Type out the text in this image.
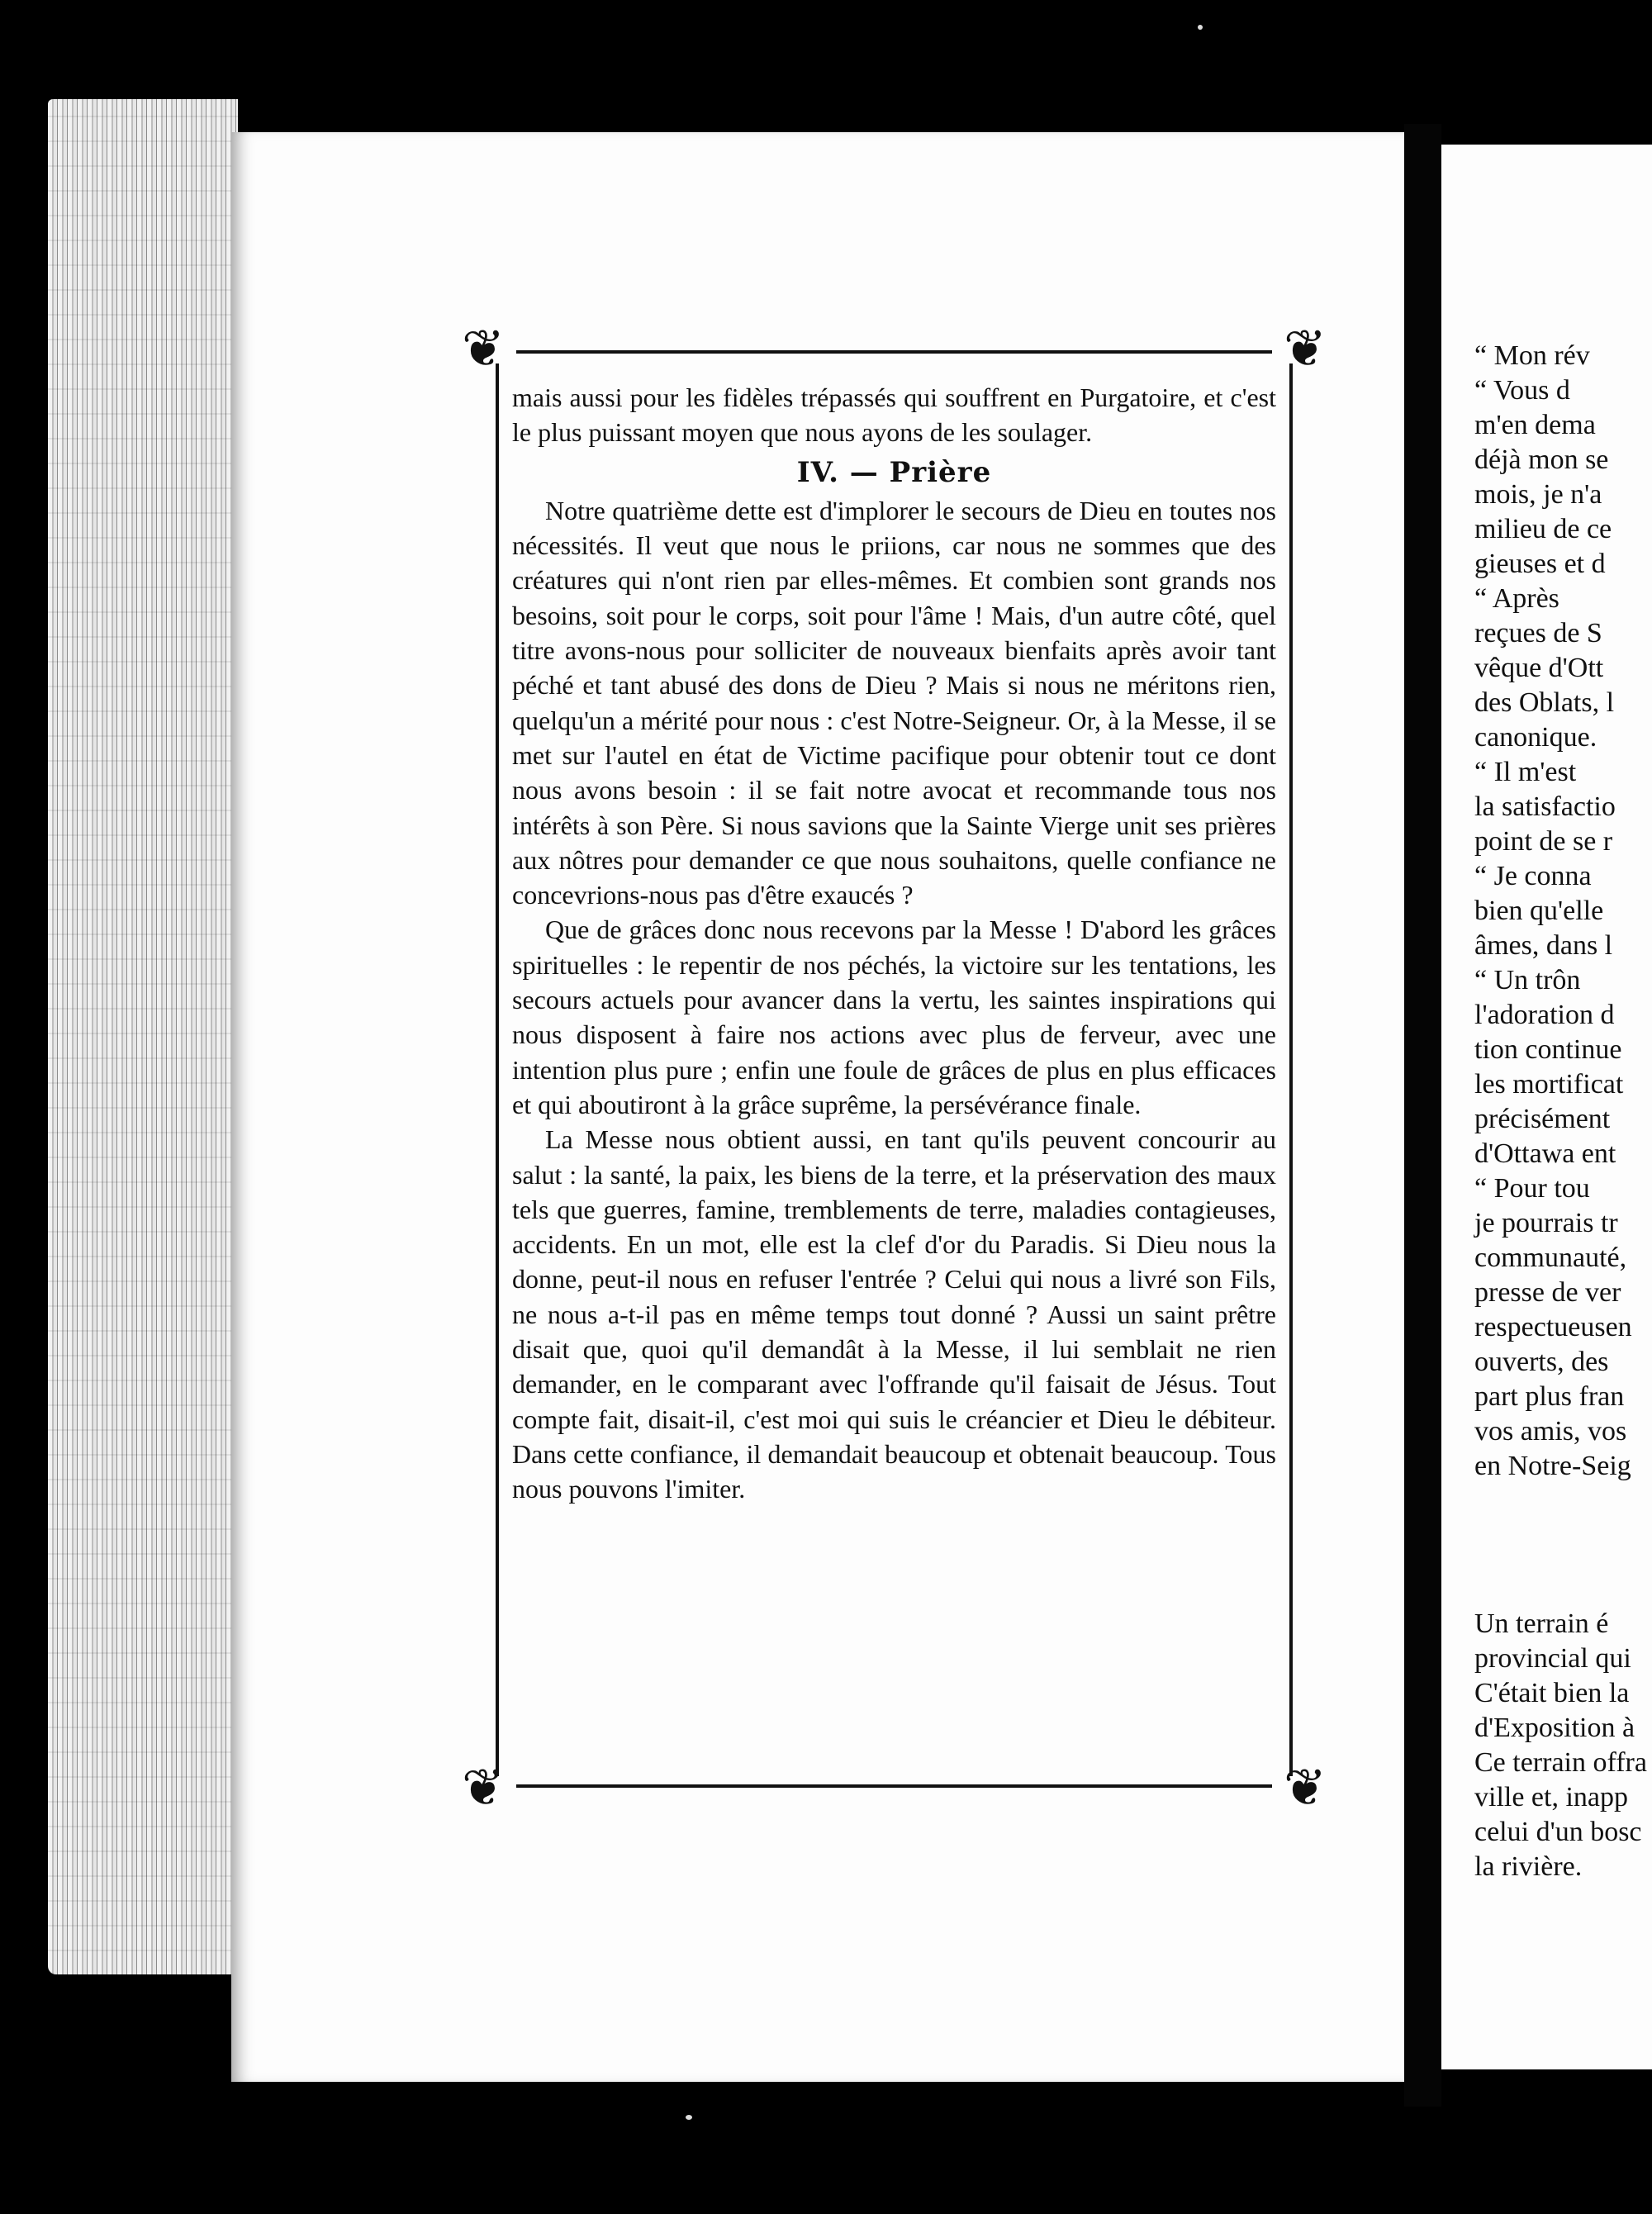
“ Mon rév
“ Vous d
m'en dema
déjà mon se
mois, je n'a
milieu de ce
gieuses et d
“ Après
reçues de S
vêque d'Ott
des Oblats, l
canonique.
“ Il m'est
la satisfactio
point de se r
“ Je conna
bien qu'elle
âmes, dans l
“ Un trôn
l'adoration d
tion continue
les mortificat
précisément
d'Ottawa ent
“ Pour tou
je pourrais tr
communauté,
presse de ver
respectueusen
ouverts, des
part plus fran
vos amis, vos
en Notre-Seig
Un terrain é
provincial qui
C'était bien la
d'Exposition à
Ce terrain offra
ville et, inapp
celui d'un bosc
la rivière.
❦	❦
❦	❦

mais aussi pour les fidèles trépassés qui souffrent en Purgatoire, et c'est le plus puissant moyen que nous ayons de les soulager.

IV. — Prière

Notre quatrième dette est d'implorer le secours de Dieu en toutes nos nécessités. Il veut que nous le priions, car nous ne sommes que des créatures qui n'ont rien par elles-mêmes. Et combien sont grands nos besoins, soit pour le corps, soit pour l'âme ! Mais, d'un autre côté, quel titre avons-nous pour solliciter de nouveaux bienfaits après avoir tant péché et tant abusé des dons de Dieu ? Mais si nous ne méritons rien, quelqu'un a mérité pour nous : c'est Notre-Seigneur. Or, à la Messe, il se met sur l'autel en état de Victime pacifique pour obtenir tout ce dont nous avons besoin : il se fait notre avocat et recommande tous nos intérêts à son Père. Si nous savions que la Sainte Vierge unit ses prières aux nôtres pour demander ce que nous souhaitons, quelle confiance ne concevrions-nous pas d'être exaucés ?

Que de grâces donc nous recevons par la Messe ! D'abord les grâces spirituelles : le repentir de nos péchés, la victoire sur les tentations, les secours actuels pour avancer dans la vertu, les saintes inspirations qui nous disposent à faire nos actions avec plus de ferveur, avec une intention plus pure ; enfin une foule de grâces de plus en plus efficaces et qui aboutiront à la grâce suprême, la persévérance finale.

La Messe nous obtient aussi, en tant qu'ils peuvent concourir au salut : la santé, la paix, les biens de la terre, et la préservation des maux tels que guerres, famine, tremblements de terre, maladies contagieuses, accidents. En un mot, elle est la clef d'or du Paradis. Si Dieu nous la donne, peut-il nous en refuser l'entrée ? Celui qui nous a livré son Fils, ne nous a-t-il pas en même temps tout donné ? Aussi un saint prêtre disait que, quoi qu'il demandât à la Messe, il lui semblait ne rien demander, en le comparant avec l'offrande qu'il faisait de Jésus. Tout compte fait, disait-il, c'est moi qui suis le créancier et Dieu le débiteur. Dans cette confiance, il demandait beaucoup et obtenait beaucoup. Tous nous pouvons l'imiter.
